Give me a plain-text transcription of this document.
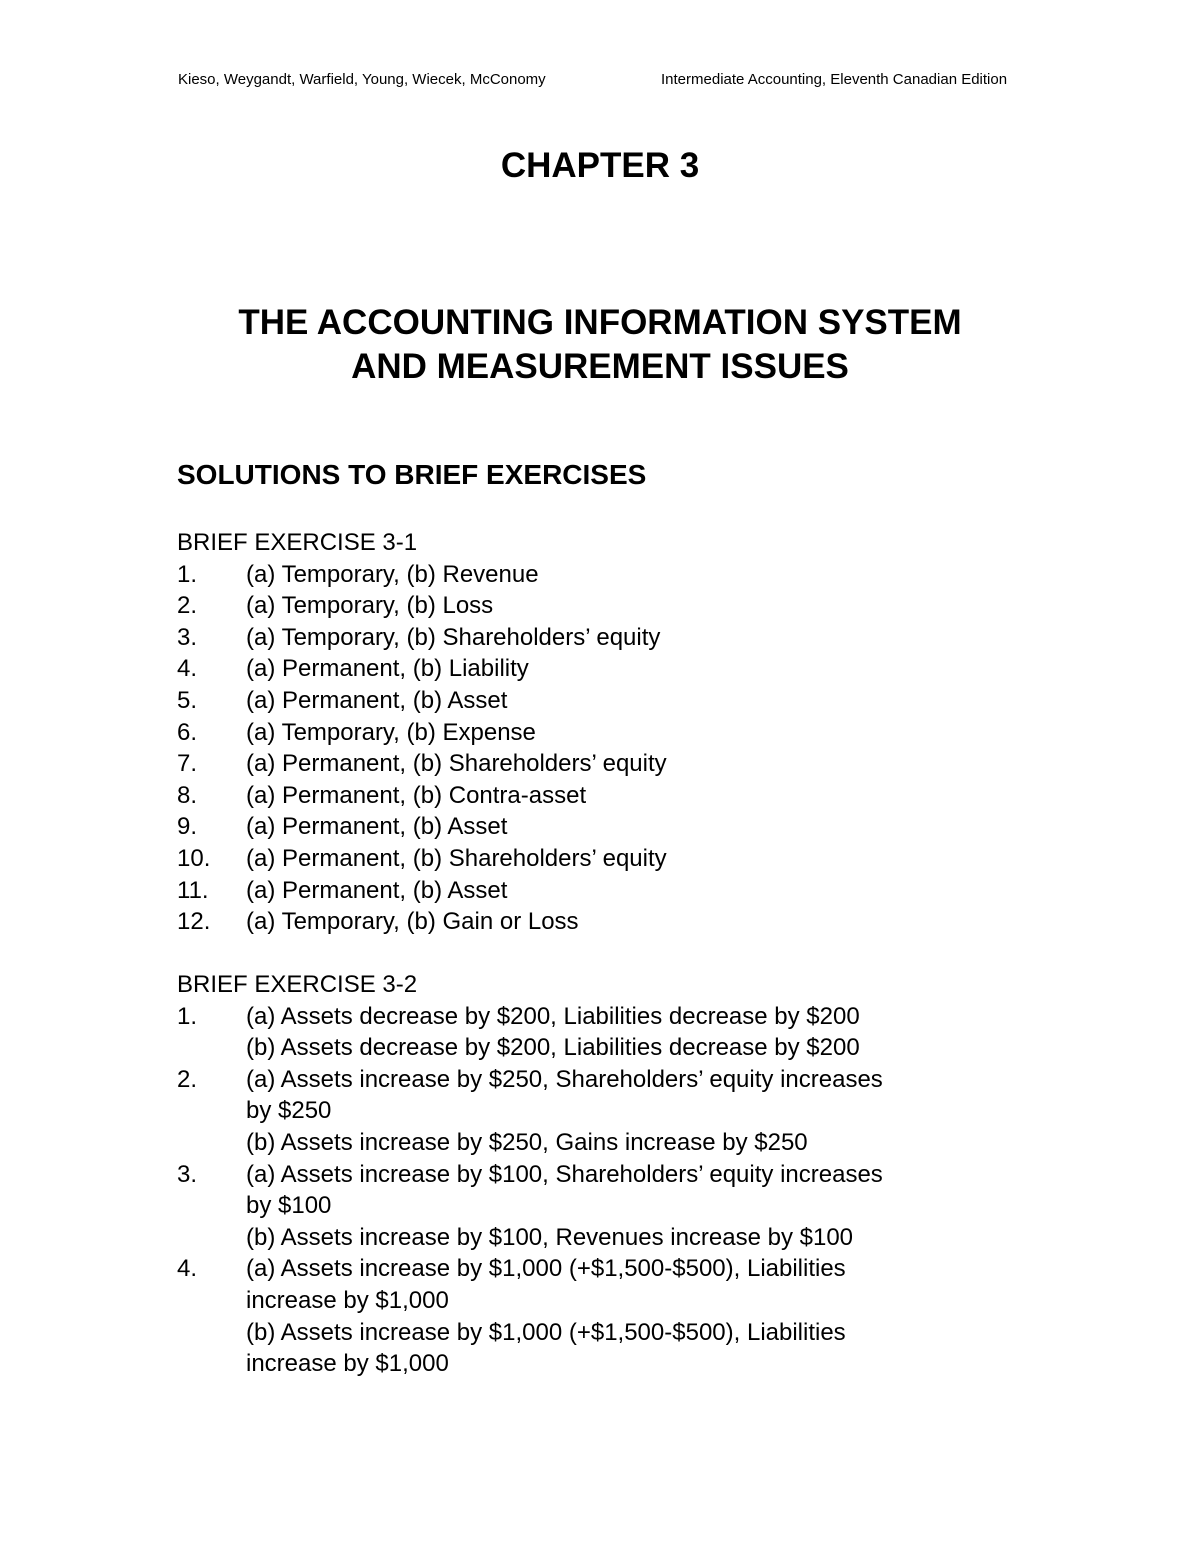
Kieso, Weygandt, Warfield, Young, Wiecek, McConomy	Intermediate Accounting, Eleventh Canadian Edition
CHAPTER 3
THE ACCOUNTING INFORMATION SYSTEM
AND MEASUREMENT ISSUES
SOLUTIONS TO BRIEF EXERCISES
BRIEF EXERCISE 3-1
1.	(a) Temporary, (b) Revenue
2.	(a) Temporary, (b) Loss
3.	(a) Temporary, (b) Shareholders’ equity
4.	(a) Permanent, (b) Liability
5.	(a) Permanent, (b) Asset
6.	(a) Temporary, (b) Expense
7.	(a) Permanent, (b) Shareholders’ equity
8.	(a) Permanent, (b) Contra-asset
9.	(a) Permanent, (b) Asset
10.	(a) Permanent, (b) Shareholders’ equity
11.	(a) Permanent, (b) Asset
12.	(a) Temporary, (b) Gain or Loss
BRIEF EXERCISE 3-2
1.	(a) Assets decrease by $200, Liabilities decrease by $200
(b) Assets decrease by $200, Liabilities decrease by $200
2.	(a) Assets increase by $250, Shareholders’ equity increases
by $250
(b) Assets increase by $250, Gains increase by $250
3.	(a) Assets increase by $100, Shareholders’ equity increases
by $100
(b) Assets increase by $100, Revenues increase by $100
4.	(a) Assets increase by $1,000 (+$1,500-$500), Liabilities
increase by $1,000
(b) Assets increase by $1,000 (+$1,500-$500), Liabilities
increase by $1,000
